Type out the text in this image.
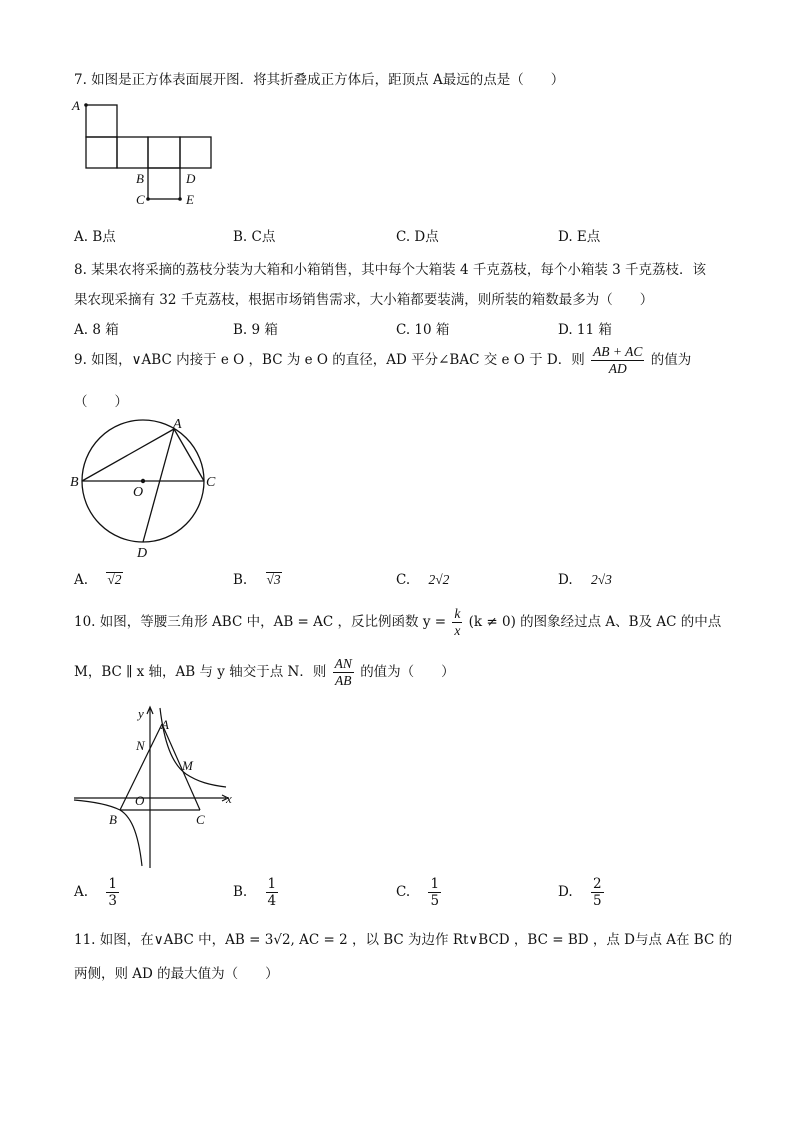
7. 如图是正方体表面展开图．将其折叠成正方体后，距顶点 A最远的点是（　　）
A
B	D
C	E
A. B点	B. C点	C. D点	D. E点
8. 某果农将采摘的荔枝分装为大箱和小箱销售，其中每个大箱装 4 千克荔枝，每个小箱装 3 千克荔枝．该
果农现采摘有 32 千克荔枝，根据市场销售需求，大小箱都要装满，则所装的箱数最多为（　　）
A. 8 箱	B. 9 箱	C. 10 箱	D. 11 箱
9. 如图，∨ABC 内接于 e O ，BC 为 e O 的直径，AD 平分∠BAC 交 e O 于 D．则 $\frac{AB + AC}{AD}$ 的值为
（　　）
A
B
O
C
D
A. √2	B. √3	C. 2√2	D. 2√3
10. 如图，等腰三角形 ABC 中，AB = AC ，反比例函数 $y = \frac{k}{x} (k \ne 0)$ 的图象经过点 A、B及 AC 的中点
M，BC ∥ x 轴，AB 与 y 轴交于点 N．则 $\frac{AN}{AB}$ 的值为（　　）
y
A
N
M
O	x
B	C
A. $\frac{1}{3}$	B. $\frac{1}{4}$	C. $\frac{1}{5}$	D. $\frac{2}{5}$
11. 如图，在∨ABC 中，AB = 3√2, AC = 2 ，以 BC 为边作 Rt∨BCD ，BC = BD ，点 D与点 A在 BC 的
两侧，则 AD 的最大值为（　　）
